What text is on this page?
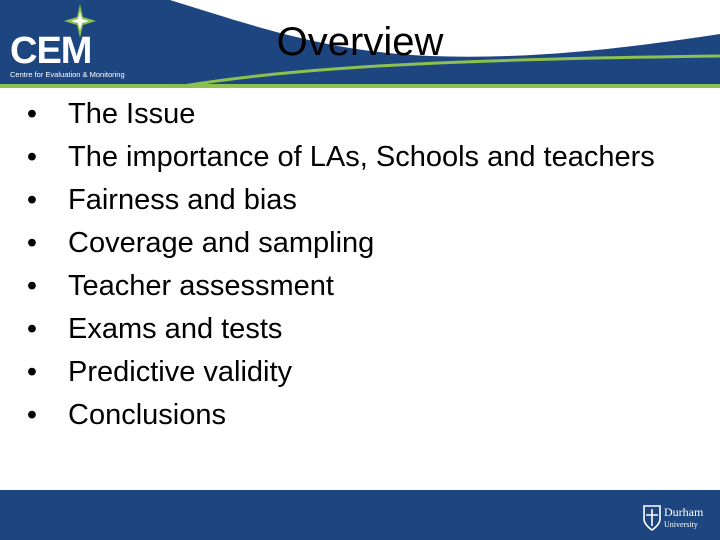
CEM
Centre for Evaluation & Monitoring
Overview
• The Issue
• The importance of LAs, Schools and teachers
• Fairness and bias
• Coverage and sampling
• Teacher assessment
• Exams and tests
• Predictive validity
• Conclusions
Durham
University
